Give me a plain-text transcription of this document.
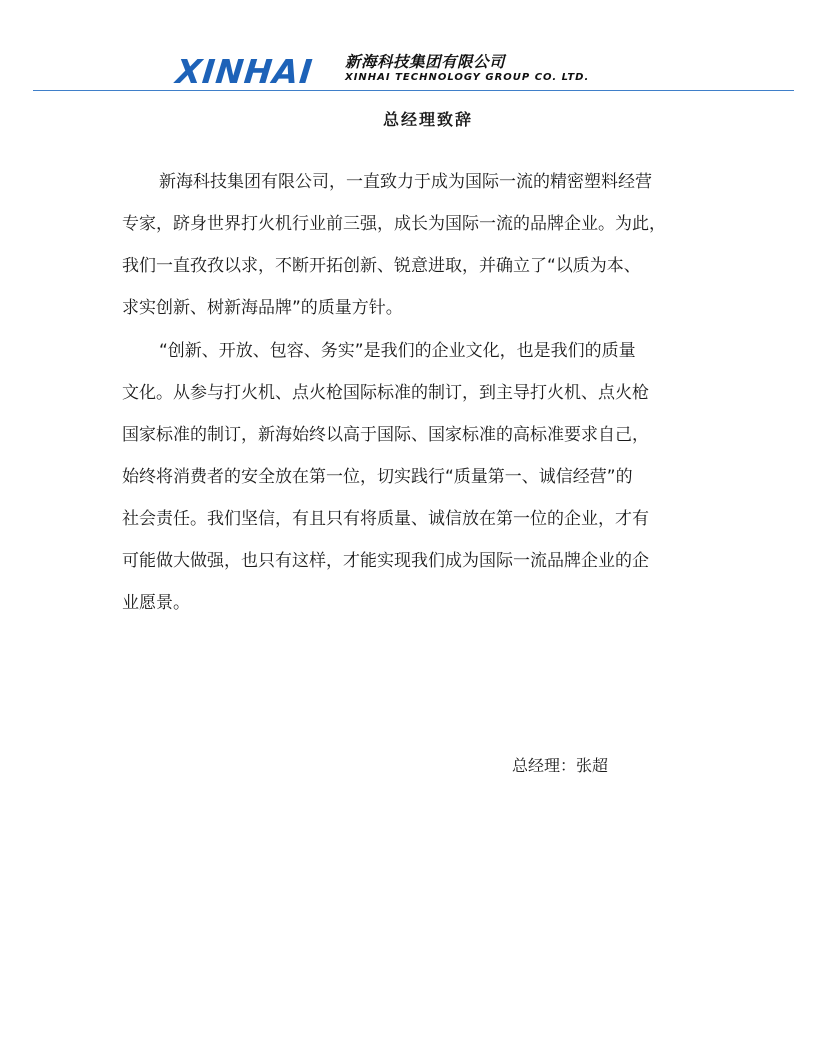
XINHAI 新海科技集团有限公司
XINHAI TECHNOLOGY GROUP CO. LTD.
总经理致辞
新海科技集团有限公司，一直致力于成为国际一流的精密塑料经营
专家，跻身世界打火机行业前三强，成长为国际一流的品牌企业。为此，
我们一直孜孜以求，不断开拓创新、锐意进取，并确立了“以质为本、
求实创新、树新海品牌”的质量方针。
“创新、开放、包容、务实”是我们的企业文化，也是我们的质量
文化。从参与打火机、点火枪国际标准的制订，到主导打火机、点火枪
国家标准的制订，新海始终以高于国际、国家标准的高标准要求自己，
始终将消费者的安全放在第一位，切实践行“质量第一、诚信经营”的
社会责任。我们坚信，有且只有将质量、诚信放在第一位的企业，才有
可能做大做强，也只有这样，才能实现我们成为国际一流品牌企业的企
业愿景。
总经理：张超
